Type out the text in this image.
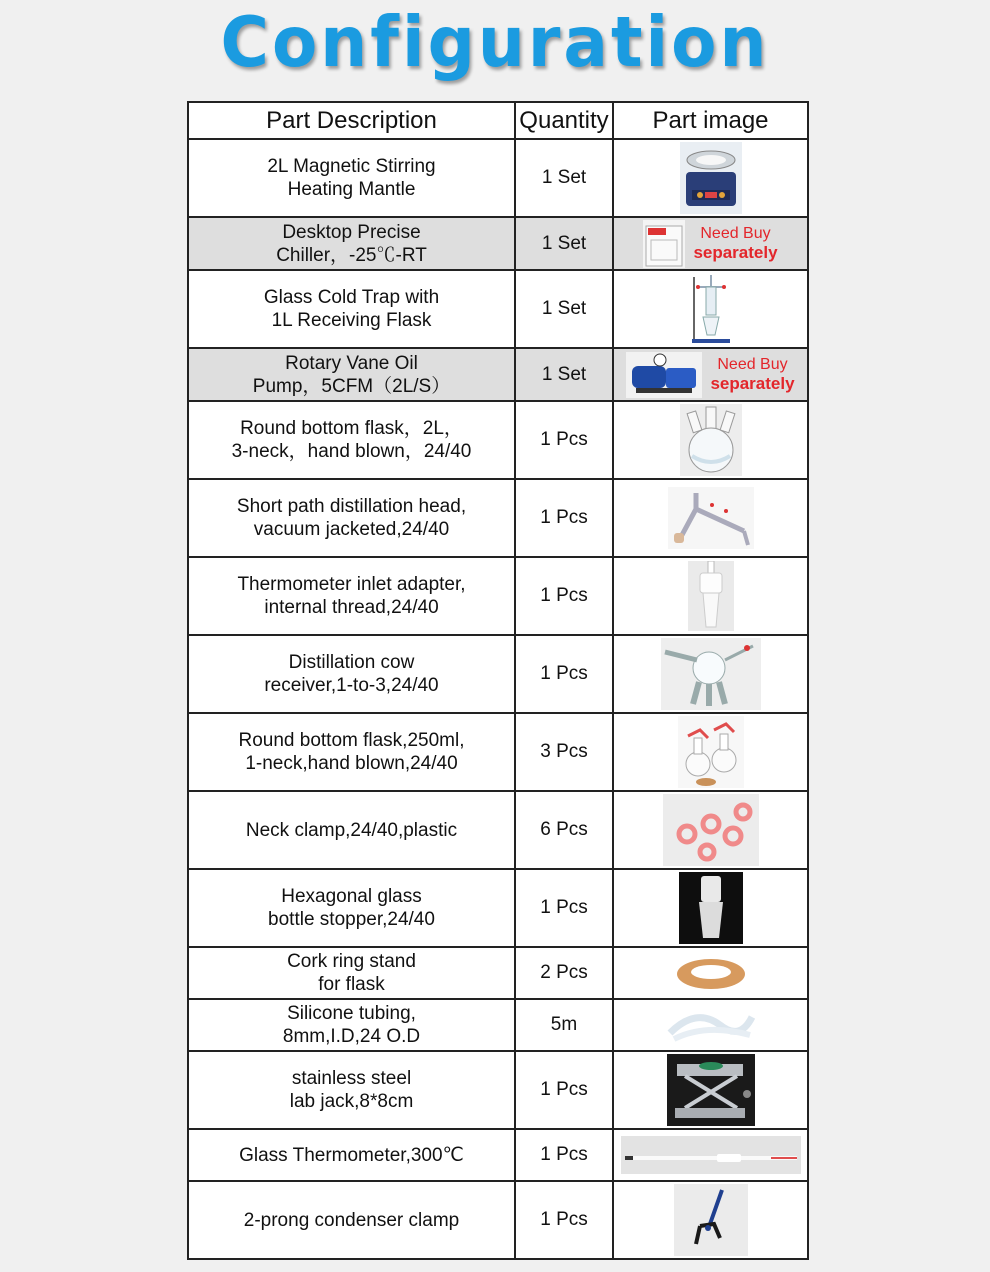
Configuration
Part Description	Quantity	Part image
2L Magnetic Stirring
Heating Mantle	1 Set	
Desktop Precise
Chiller，-25℃-RT	1 Set	Need Buy
separately
Glass Cold Trap with
1L Receiving Flask	1 Set	
Rotary Vane Oil
Pump，5CFM（2L/S）	1 Set	Need Buy
separately
Round bottom flask，2L，
3-neck，hand blown，24/40	1 Pcs	
Short path distillation head,
vacuum jacketed,24/40	1 Pcs	
Thermometer inlet adapter,
internal thread,24/40	1 Pcs	
Distillation cow
receiver,1-to-3,24/40	1 Pcs	
Round bottom flask,250ml,
1-neck,hand blown,24/40	3 Pcs	
Neck clamp,24/40,plastic	6 Pcs	
Hexagonal glass
bottle stopper,24/40	1 Pcs	
Cork ring stand
for flask	2 Pcs	
Silicone tubing,
8mm,I.D,24 O.D	5m	
stainless steel
lab jack,8*8cm	1 Pcs	
Glass Thermometer,300℃	1 Pcs	
2-prong condenser clamp	1 Pcs	
